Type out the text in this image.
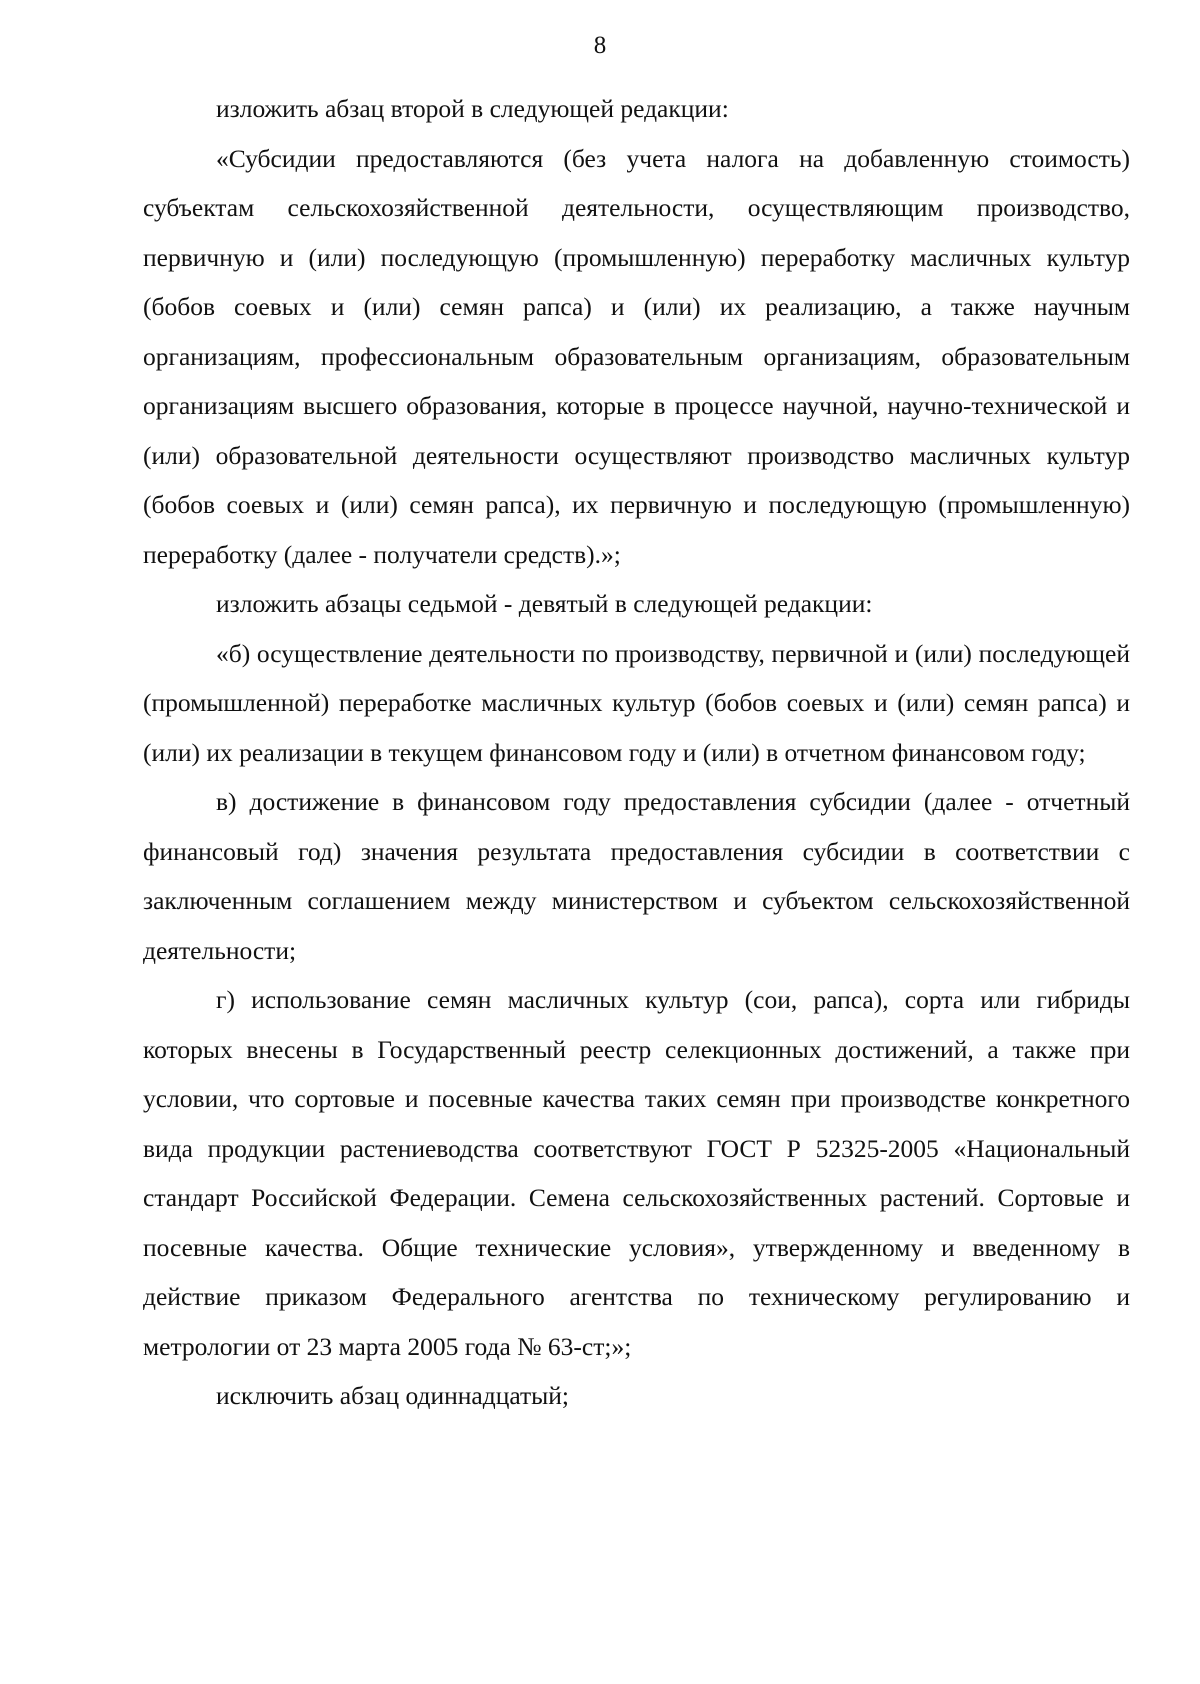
8

изложить абзац второй в следующей редакции:

«Субсидии предоставляются (без учета налога на добавленную стоимость) субъектам сельскохозяйственной деятельности, осуществляющим производство, первичную и (или) последующую (промышленную) переработку масличных культур (бобов соевых и (или) семян рапса) и (или) их реализацию, а также научным организациям, профессиональным образовательным организациям, образовательным организациям высшего образования, которые в процессе научной, научно-технической и (или) образовательной деятельности осуществляют производство масличных культур (бобов соевых и (или) семян рапса), их первичную и последующую (промышленную) переработку (далее - получатели средств).»;

изложить абзацы седьмой - девятый в следующей редакции:

«б) осуществление деятельности по производству, первичной и (или) последующей (промышленной) переработке масличных культур (бобов соевых и (или) семян рапса) и (или) их реализации в текущем финансовом году и (или) в отчетном финансовом году;

в) достижение в финансовом году предоставления субсидии (далее - отчетный финансовый год) значения результата предоставления субсидии в соответствии с заключенным соглашением между министерством и субъектом сельскохозяйственной деятельности;

г) использование семян масличных культур (сои, рапса), сорта или гибриды которых внесены в Государственный реестр селекционных достижений, а также при условии, что сортовые и посевные качества таких семян при производстве конкретного вида продукции растениеводства соответствуют ГОСТ Р 52325-2005 «Национальный стандарт Российской Федерации. Семена сельскохозяйственных растений. Сортовые и посевные качества. Общие технические условия», утвержденному и введенному в действие приказом Федерального агентства по техническому регулированию и метрологии от 23 марта 2005 года № 63-ст;»;

исключить абзац одиннадцатый;
